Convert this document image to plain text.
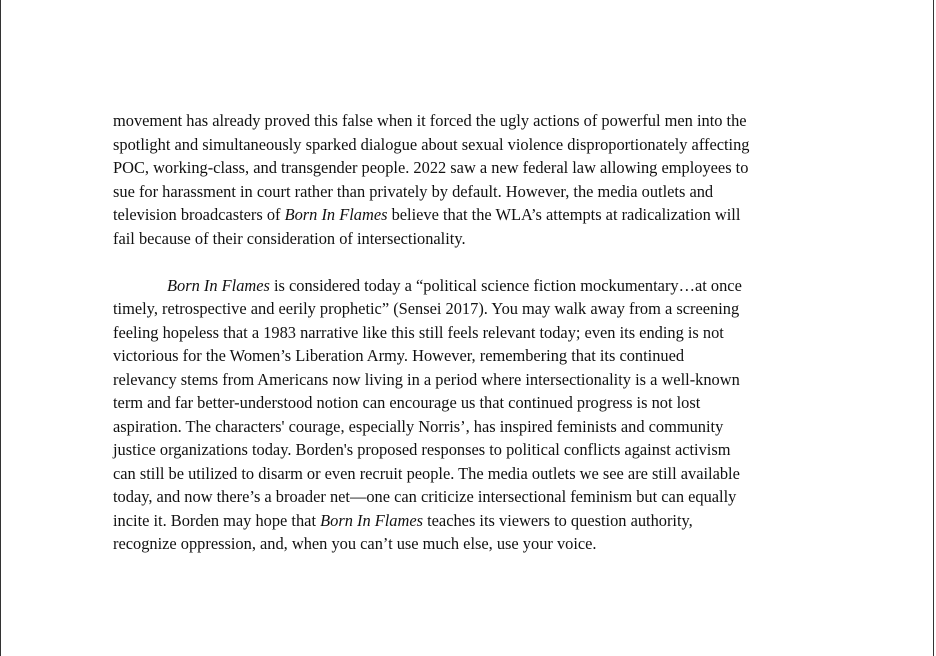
movement has already proved this false when it forced the ugly actions of powerful men into the
spotlight and simultaneously sparked dialogue about sexual violence disproportionately affecting
POC, working-class, and transgender people. 2022 saw a new federal law allowing employees to
sue for harassment in court rather than privately by default. However, the media outlets and
television broadcasters of Born In Flames believe that the WLA’s attempts at radicalization will
fail because of their consideration of intersectionality.
Born In Flames is considered today a “political science fiction mockumentary…at once
timely, retrospective and eerily prophetic” (Sensei 2017). You may walk away from a screening
feeling hopeless that a 1983 narrative like this still feels relevant today; even its ending is not
victorious for the Women’s Liberation Army. However, remembering that its continued
relevancy stems from Americans now living in a period where intersectionality is a well-known
term and far better-understood notion can encourage us that continued progress is not lost
aspiration. The characters' courage, especially Norris’, has inspired feminists and community
justice organizations today. Borden's proposed responses to political conflicts against activism
can still be utilized to disarm or even recruit people. The media outlets we see are still available
today, and now there’s a broader net—one can criticize intersectional feminism but can equally
incite it. Borden may hope that Born In Flames teaches its viewers to question authority,
recognize oppression, and, when you can’t use much else, use your voice.
